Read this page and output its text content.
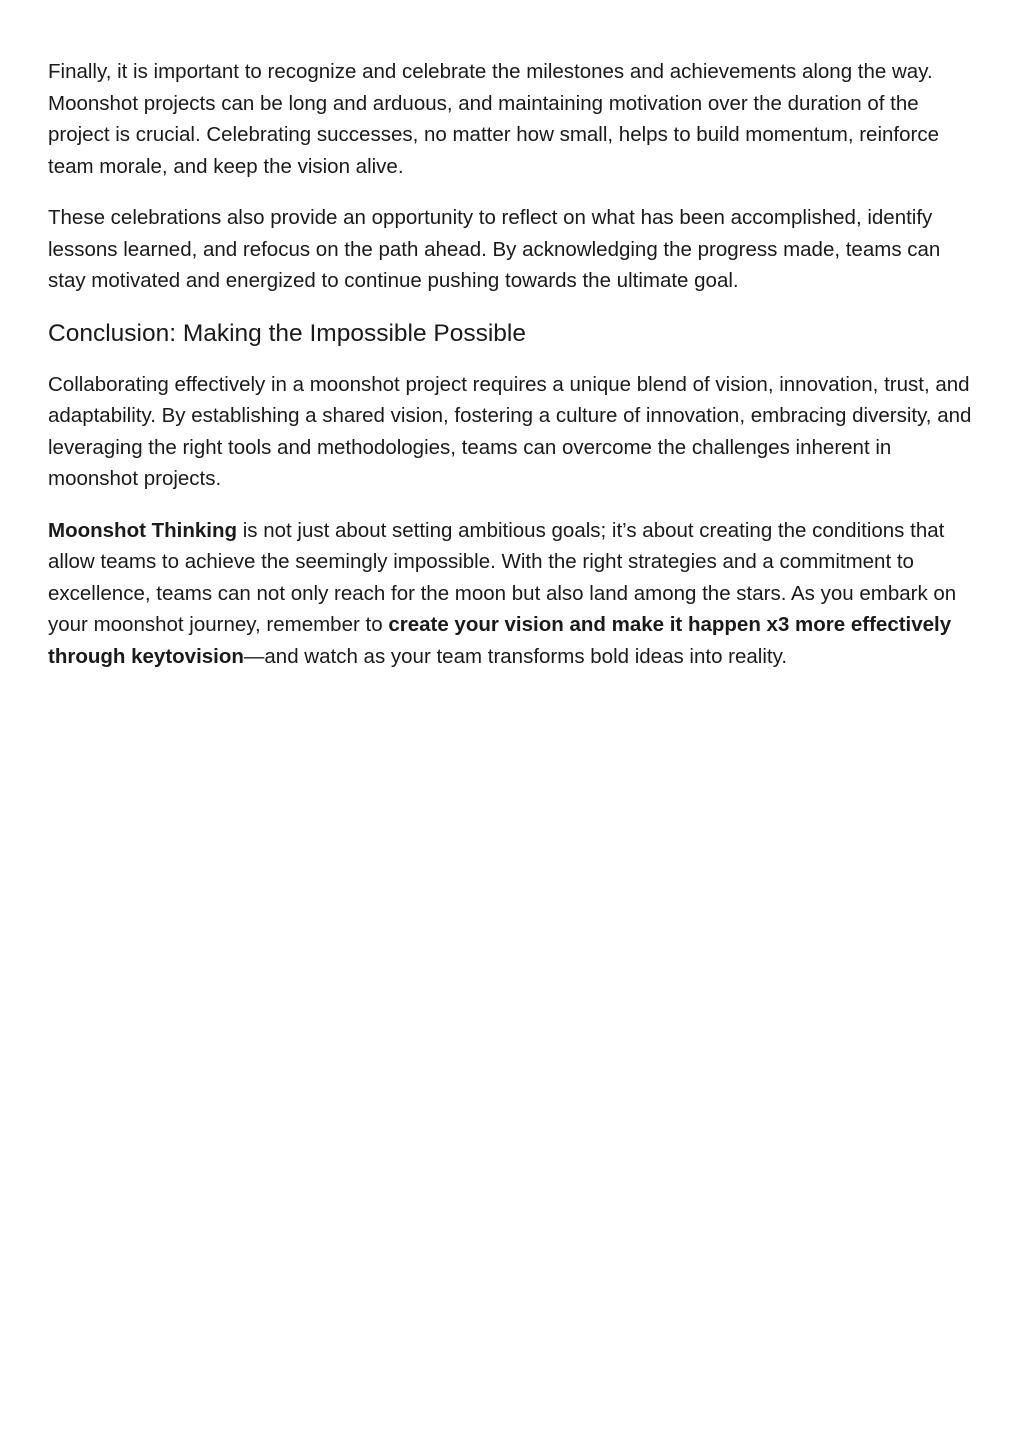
Finally, it is important to recognize and celebrate the milestones and achievements along the way. Moonshot projects can be long and arduous, and maintaining motivation over the duration of the project is crucial. Celebrating successes, no matter how small, helps to build momentum, reinforce team morale, and keep the vision alive.

These celebrations also provide an opportunity to reflect on what has been accomplished, identify lessons learned, and refocus on the path ahead. By acknowledging the progress made, teams can stay motivated and energized to continue pushing towards the ultimate goal.

Conclusion: Making the Impossible Possible

Collaborating effectively in a moonshot project requires a unique blend of vision, innovation, trust, and adaptability. By establishing a shared vision, fostering a culture of innovation, embracing diversity, and leveraging the right tools and methodologies, teams can overcome the challenges inherent in moonshot projects.

Moonshot Thinking is not just about setting ambitious goals; it’s about creating the conditions that allow teams to achieve the seemingly impossible. With the right strategies and a commitment to excellence, teams can not only reach for the moon but also land among the stars. As you embark on your moonshot journey, remember to create your vision and make it happen x3 more effectively through keytovision—and watch as your team transforms bold ideas into reality.
